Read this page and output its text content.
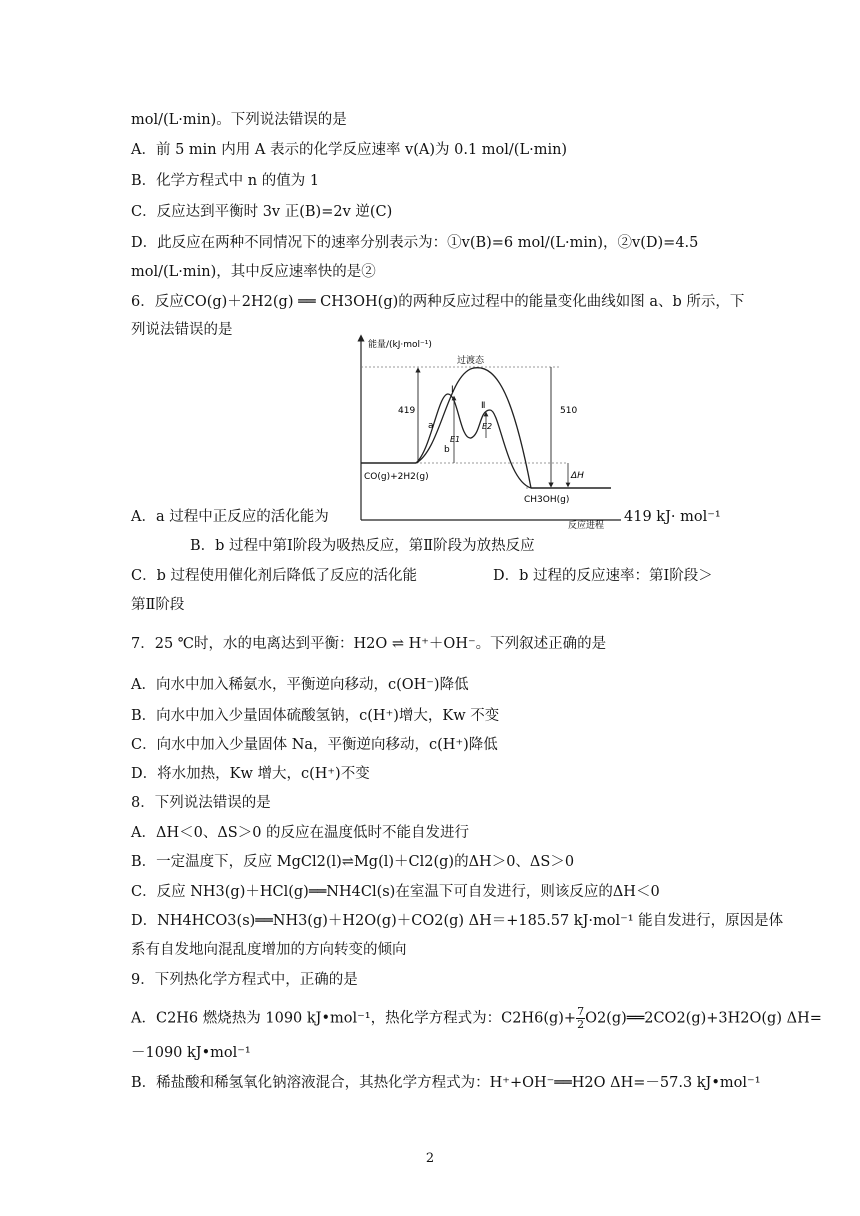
mol/(L·min)。下列说法错误的是
A．前 5 min 内用 A 表示的化学反应速率 v(A)为 0.1 mol/(L·min)
B．化学方程式中 n 的值为 1
C．反应达到平衡时 3v 正(B)=2v 逆(C)
D．此反应在两种不同情况下的速率分别表示为：①v(B)=6 mol/(L·min)，②v(D)=4.5
mol/(L·min)，其中反应速率快的是②
6．反应CO(g)＋2H2(g) ══ CH3OH(g)的两种反应过程中的能量变化曲线如图 a、b 所示，下
列说法错误的是
能量/(kJ·mol⁻¹)
反应进程
过渡态
419	510
a
b
Ⅰ
Ⅱ
E1
E2
ΔH
CO(g)+2H2(g)
CH3OH(g)
A．a 过程中正反应的活化能为	419 kJ· mol⁻¹
B．b 过程中第Ⅰ阶段为吸热反应，第Ⅱ阶段为放热反应
C．b 过程使用催化剂后降低了反应的活化能	D．b 过程的反应速率：第Ⅰ阶段＞
第Ⅱ阶段
7．25 ℃时，水的电离达到平衡：H2O ⇌ H⁺＋OH⁻。下列叙述正确的是
A．向水中加入稀氨水，平衡逆向移动，c(OH⁻)降低
B．向水中加入少量固体硫酸氢钠，c(H⁺)增大，Kw 不变
C．向水中加入少量固体 Na，平衡逆向移动，c(H⁺)降低
D．将水加热，Kw 增大，c(H⁺)不变
8．下列说法错误的是
A．ΔH＜0、ΔS＞0 的反应在温度低时不能自发进行
B．一定温度下，反应 MgCl2(l)⇌Mg(l)＋Cl2(g)的ΔH＞0、ΔS＞0
C．反应 NH3(g)＋HCl(g)══NH4Cl(s)在室温下可自发进行，则该反应的ΔH＜0
D．NH4HCO3(s)══NH3(g)＋H2O(g)＋CO2(g) ΔH＝+185.57 kJ·mol⁻¹ 能自发进行，原因是体
系有自发地向混乱度增加的方向转变的倾向
9．下列热化学方程式中，正确的是
A．C2H6 燃烧热为 1090 kJ•mol⁻¹，热化学方程式为：$C2H6(g)+ \frac{7}{2}$ O2(g)══2CO2(g)+3H2O(g) ΔH=
－1090 kJ•mol⁻¹
B．稀盐酸和稀氢氧化钠溶液混合，其热化学方程式为：H⁺+OH⁻══H2O ΔH=－57.3 kJ•mol⁻¹
2
